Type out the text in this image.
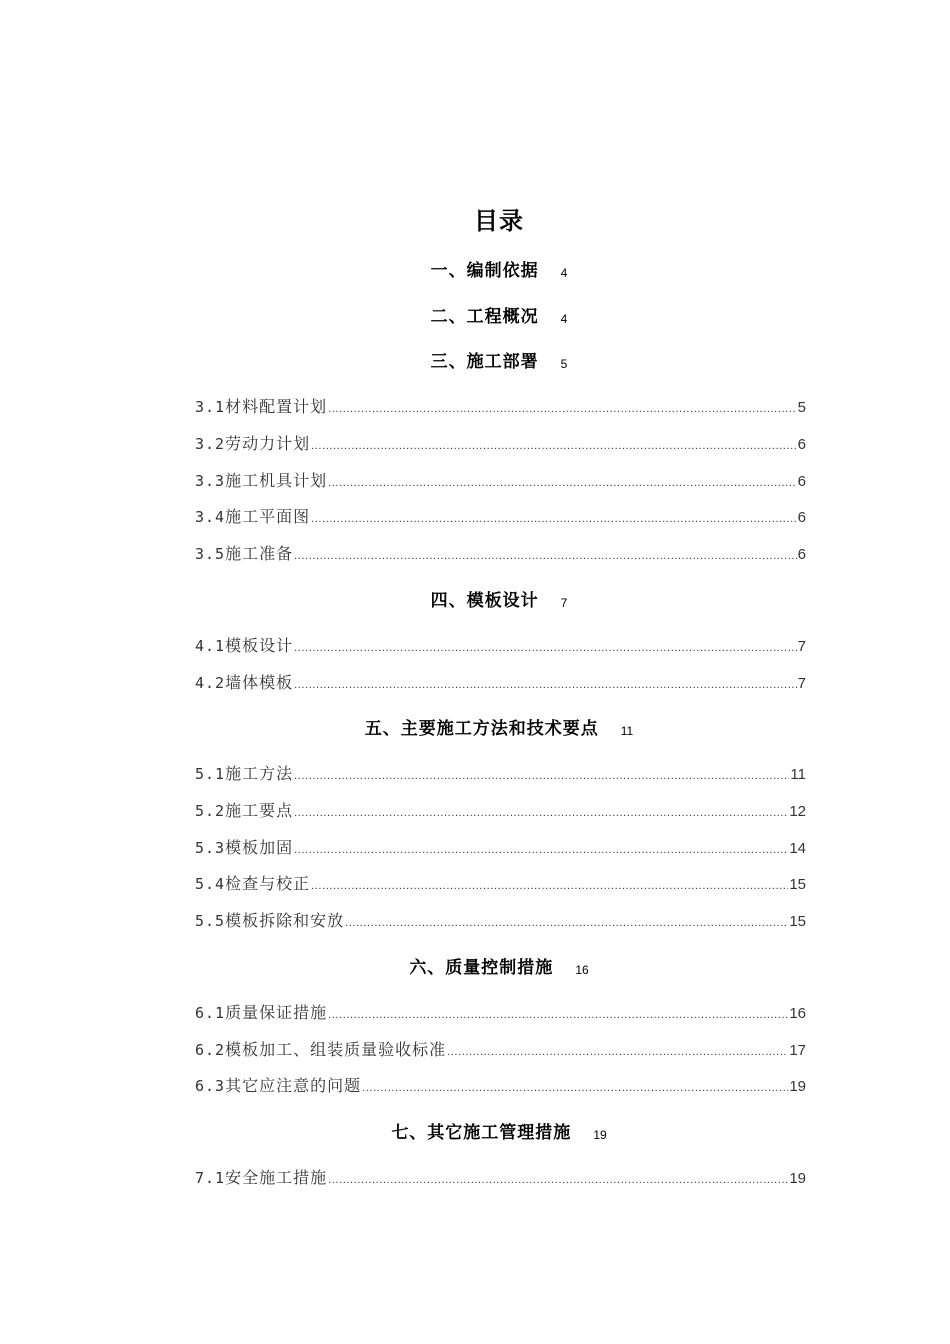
目录
一、编制依据 4
二、工程概况 4
三、施工部署 5
3.1材料配置计划 .....	5
3.2劳动力计划 .....	6
3.3施工机具计划 .....	6
3.4施工平面图 .....	6
3.5施工准备 .....	6
四、模板设计 7
4.1模板设计 .....	7
4.2墙体模板 .....	7
五、主要施工方法和技术要点 11
5.1施工方法 .....	11
5.2施工要点 .....	12
5.3模板加固 .....	14
5.4检查与校正 .....	15
5.5模板拆除和安放 .....	15
六、质量控制措施 16
6.1质量保证措施 .....	16
6.2模板加工、组装质量验收标准 .....	17
6.3其它应注意的问题 .....	19
七、其它施工管理措施 19
7.1安全施工措施 .....	19
